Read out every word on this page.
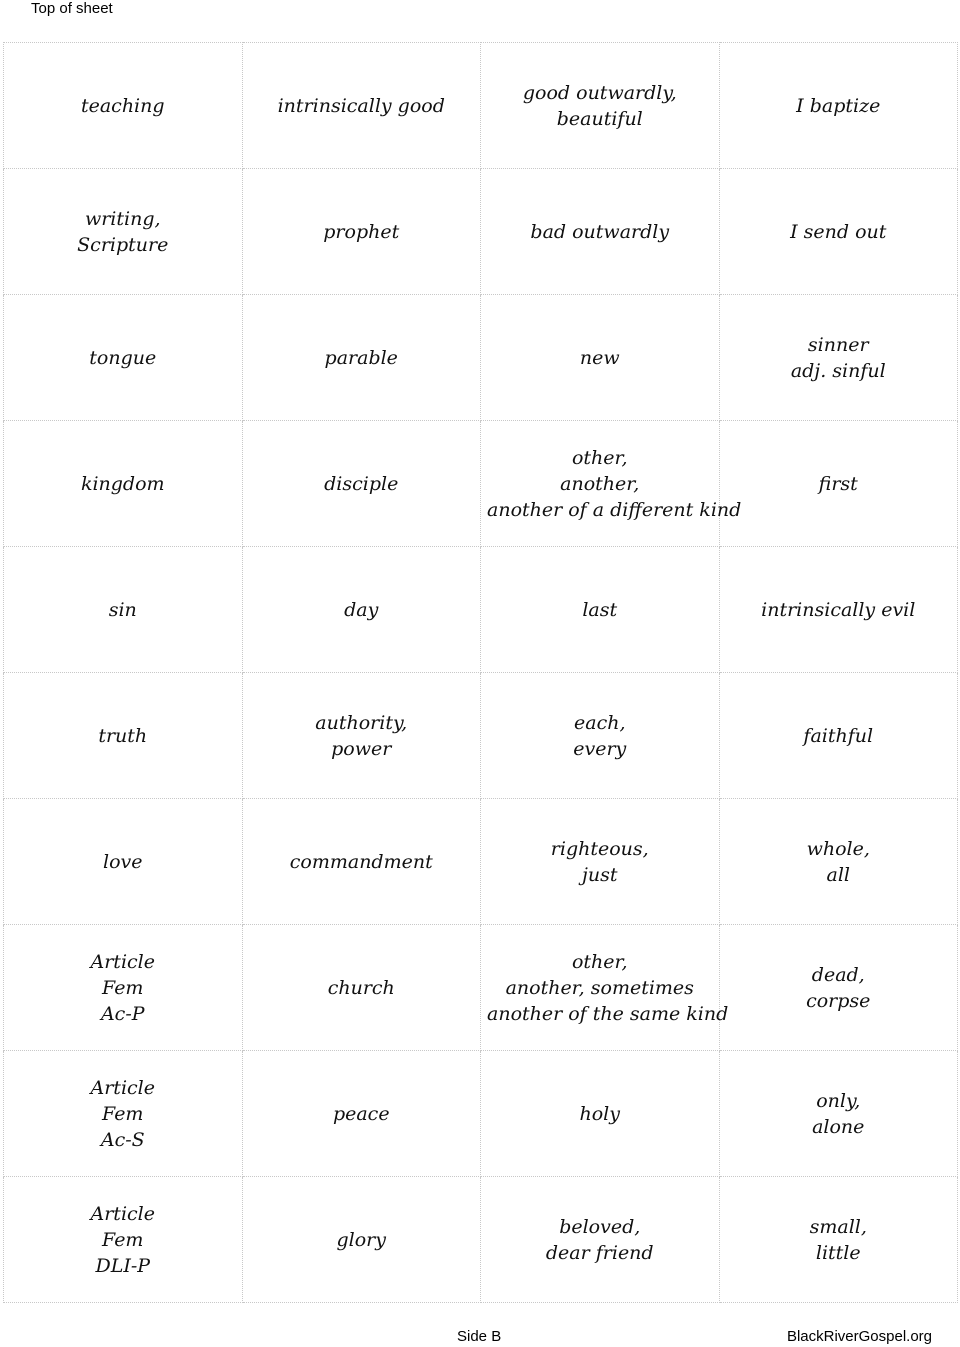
Top of sheet
teaching	intrinsically good	good outwardly,
beautiful	I baptize

writing,
Scripture	prophet	bad outwardly	I send out

tongue	parable	new	sinner
adj. sinful

kingdom	disciple	other,
another,
another of a different kind	first

sin	day	last	intrinsically evil

truth	authority,
power	each,
every	faithful

love	commandment	righteous,
just	whole,
all

Article
Fem
Ac-P	church	other,
another, sometimes
another of the same kind	dead,
corpse

Article
Fem
Ac-S	peace	holy	only,
alone

Article
Fem
DLI-P	glory	beloved,
dear friend	small,
little
Side B	BlackRiverGospel.org
